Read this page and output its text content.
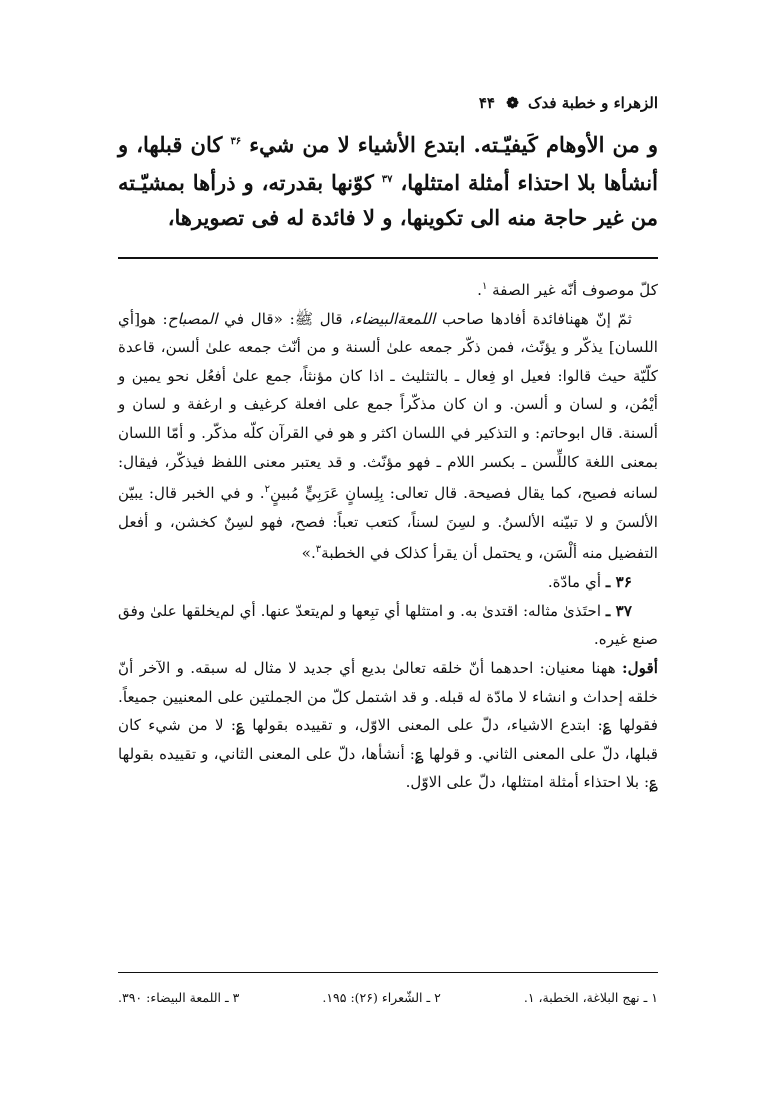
الزهراء و خطبة فدک ❁ ۴۴

و من الأوهام كَيفيّـته. ابتدع الأشياء لا من شيء $^{۳۶}$ كان قبلها، و أنشأها بلا احتذاء أمثلة امتثلها، $^{۳۷}$ كوّنها بقدرته، و ذرأها بمشيّـته من غير حاجة منه الى تكوينها، و لا فائدة له فى تصويرها،

كلّ موصوف أنّه غير الصفة $^۱$.

ثمّ إنّ ههنافائدة أفادها صاحب اللمعةالبيضاء، قال ﷺ: «قال في المصباح: هو[أي اللسان] يذكّر و يؤنّث، فمن ذكّر جمعه علىٰ ألسنة و من أنّث جمعه علىٰ ألسن، قاعدة كلّيّة حيث قالوا: فعيل او فِعال ـ بالتثليث ـ اذا كان مؤنثاً، جمع علىٰ أفعُل نحو يمين و أيْمُن، و لسان و ألسن. و ان كان مذكّراً جمع على افعلة كرغيف و ارغفة و لسان و ألسنة. قال ابوحاتم: و التذكير في اللسان اكثر و هو في القرآن كلّه مذكّر. و أمّا اللسان بمعنى اللغة كاللِّسن ـ بكسر اللام ـ فهو مؤنّث. و قد يعتبر معنى اللفظ فيذكّر، فيقال: لسانه فصيح، كما يقال فصيحة. قال تعالى: بِلِسانٍ عَرَبِيٍّ مُبينٍ$^۲$. و في الخبر قال: يبيّن الألسنَ و لا تبيّنه الألسنُ. و لسِنَ لسناً، كتعب تعباً: فصح، فهو لسِنٌ كخشن، و أفعل التفضيل منه ألْسَن، و يحتمل أن يقرأ كذلک في الخطبة$^۳$.»

۳۶ ـ أي مادّة.

۳۷ ـ احتَذىٰ مثاله: اقتدىٰ به. و امتثلها أي تبِعها و لم‌يتعدّ عنها. أي لم‌يخلقها علىٰ وفق صنع غيره.

أقول: ههنا معنيان: احدهما أنّ خلقه تعالىٰ بديع أي جديد لا مثال له سبقه. و الآخر أنّ خلقه إحداث و انشاء لا مادّة له قبله. و قد اشتمل كلّ من الجملتين على المعنيين جميعاً. فقولها ؏: ابتدع الاشياء، دلّ على المعنى الاوّل، و تقييده بقولها ؏: لا من شيء كان قبلها، دلّ على المعنى الثاني. و قولها ؏: أنشأها، دلّ على المعنى الثاني، و تقييده بقولها ؏: بلا احتذاء أمثلة امتثلها، دلّ على الاوّل.

۱ ـ نهج البلاغة، الخطبة، ۱.
۲ ـ الشّعراء (۲۶): ۱۹۵.
۳ ـ اللمعة البيضاء: ۳۹۰.
